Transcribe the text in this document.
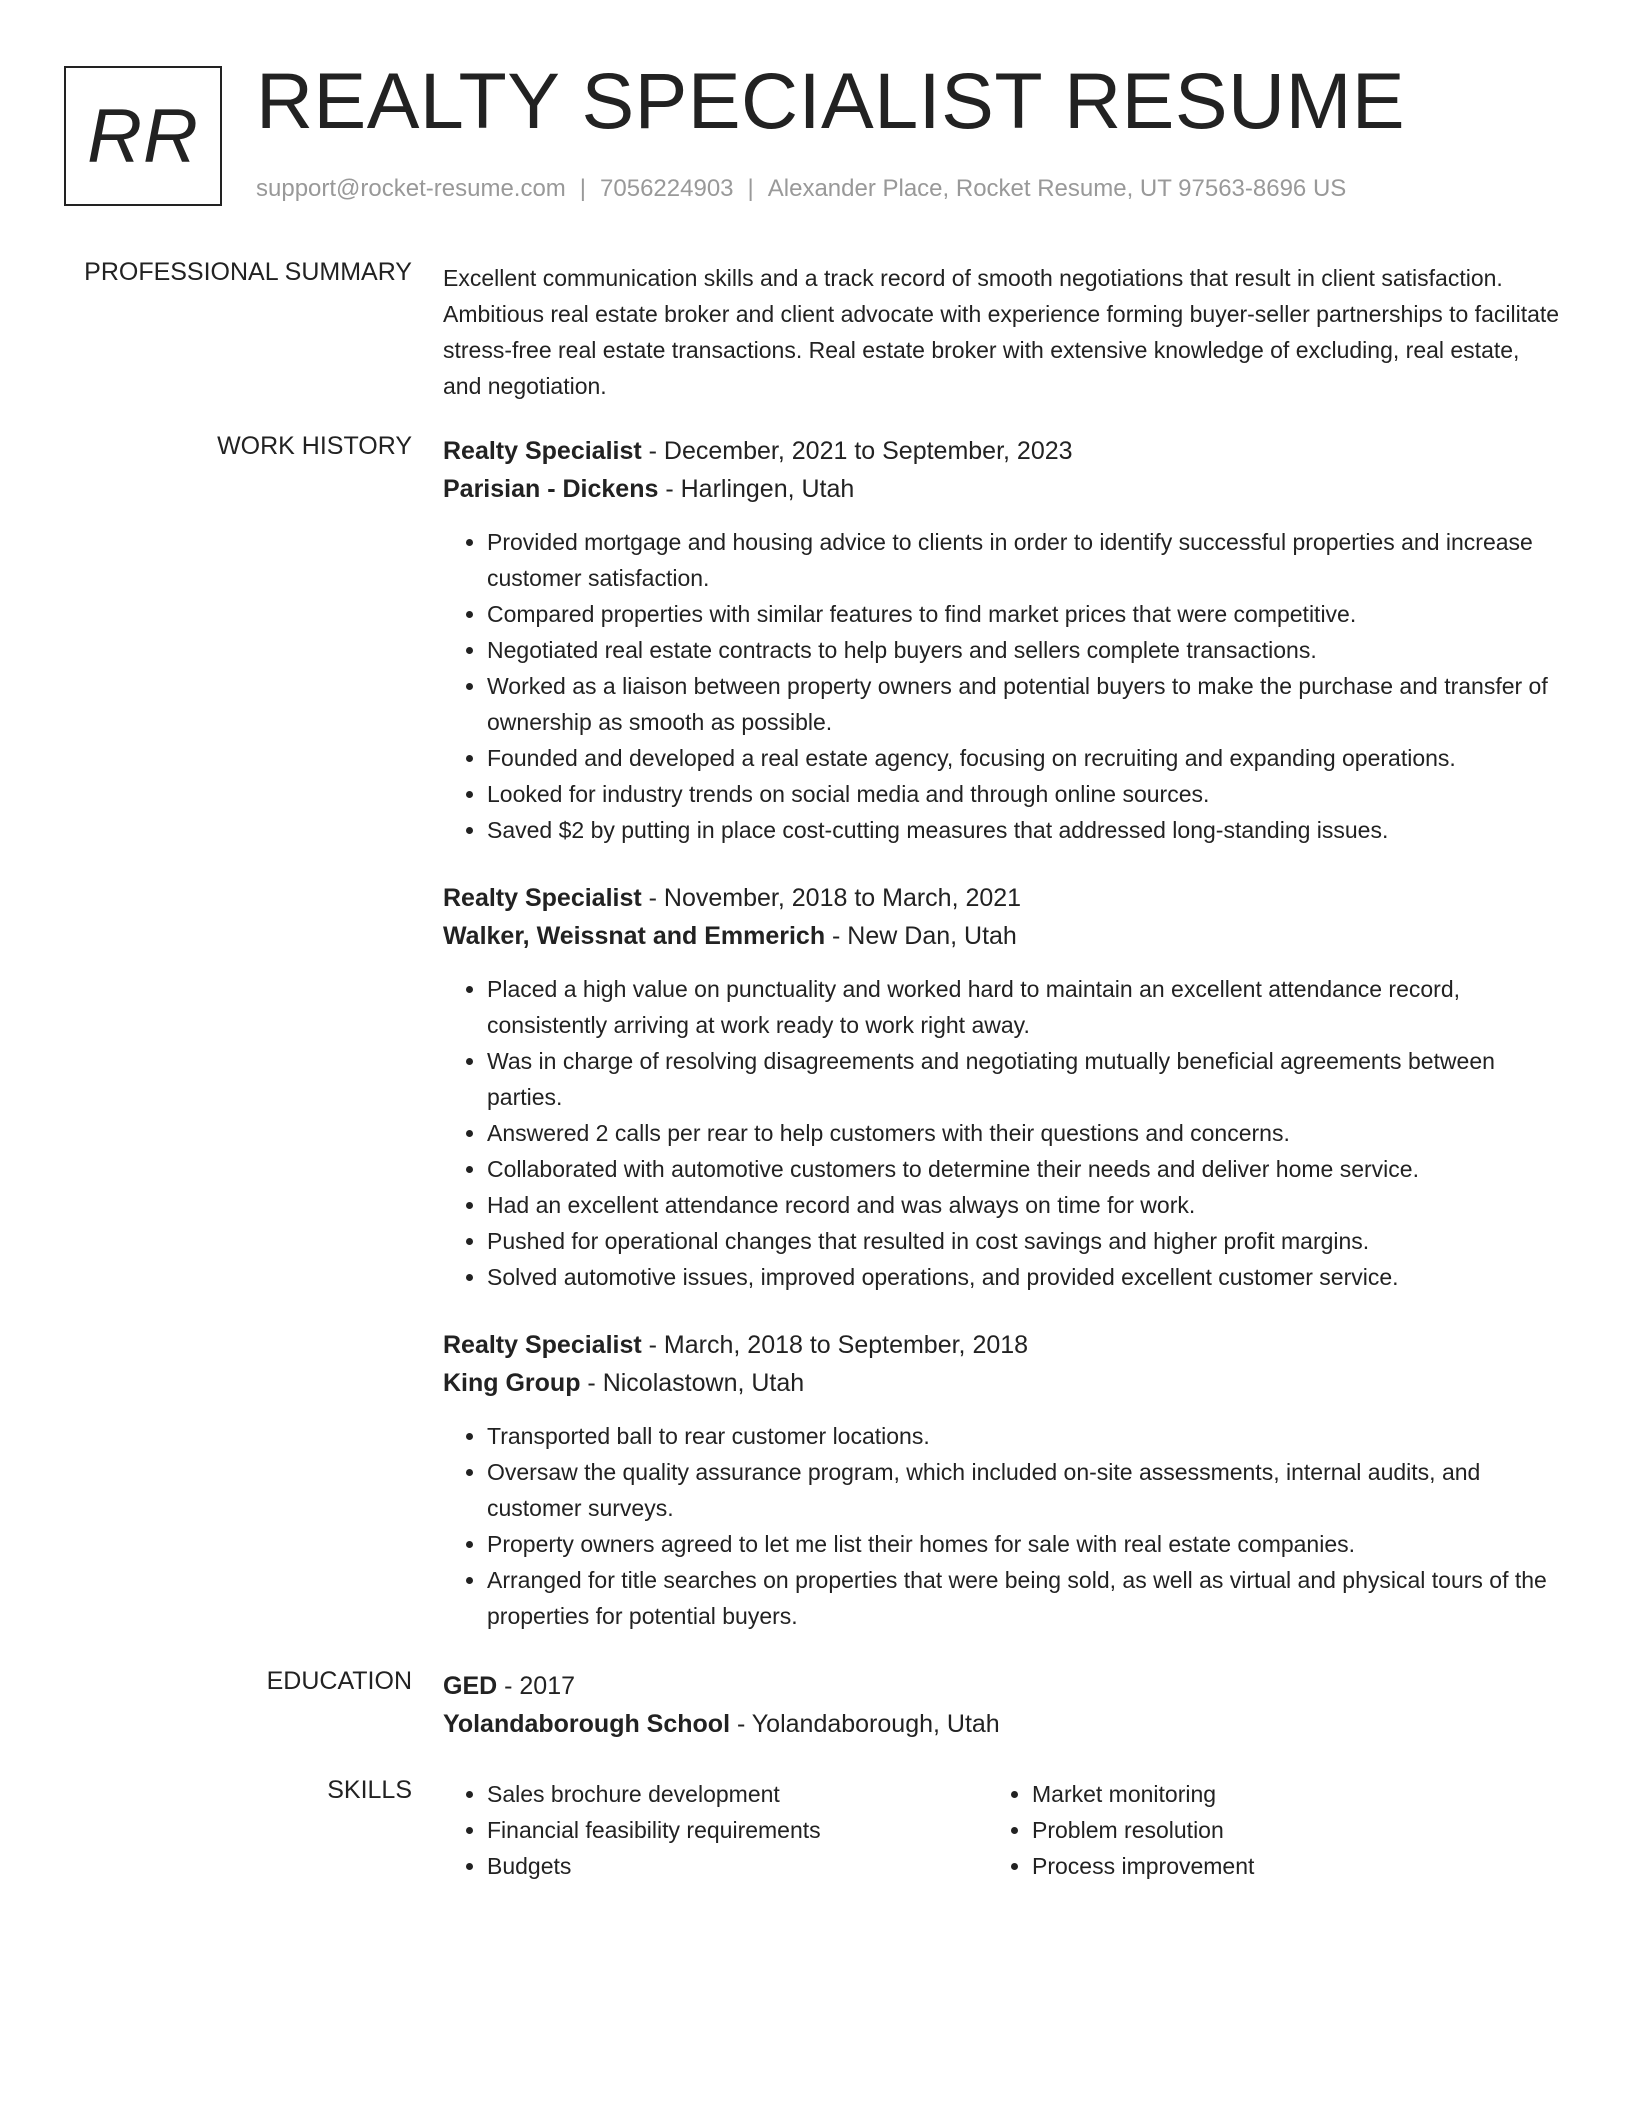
RR REALTY SPECIALIST RESUME
support@rocket-resume.com | 7056224903 | Alexander Place, Rocket Resume, UT 97563-8696 US
PROFESSIONAL SUMMARY Excellent communication skills and a track record of smooth negotiations that result in client satisfaction. Ambitious real estate broker and client advocate with experience forming buyer-seller partnerships to facilitate stress-free real estate transactions. Real estate broker with extensive knowledge of excluding, real estate, and negotiation.

WORK HISTORY Realty Specialist - December, 2021 to September, 2023
Parisian - Dickens - Harlingen, Utah
• Provided mortgage and housing advice to clients in order to identify successful properties and increase customer satisfaction.
• Compared properties with similar features to find market prices that were competitive.
• Negotiated real estate contracts to help buyers and sellers complete transactions.
• Worked as a liaison between property owners and potential buyers to make the purchase and transfer of ownership as smooth as possible.
• Founded and developed a real estate agency, focusing on recruiting and expanding operations.
• Looked for industry trends on social media and through online sources.
• Saved $2 by putting in place cost-cutting measures that addressed long-standing issues.
Realty Specialist - November, 2018 to March, 2021
Walker, Weissnat and Emmerich - New Dan, Utah
• Placed a high value on punctuality and worked hard to maintain an excellent attendance record, consistently arriving at work ready to work right away.
• Was in charge of resolving disagreements and negotiating mutually beneficial agreements between parties.
• Answered 2 calls per rear to help customers with their questions and concerns.
• Collaborated with automotive customers to determine their needs and deliver home service.
• Had an excellent attendance record and was always on time for work.
• Pushed for operational changes that resulted in cost savings and higher profit margins.
• Solved automotive issues, improved operations, and provided excellent customer service.
Realty Specialist - March, 2018 to September, 2018
King Group - Nicolastown, Utah
• Transported ball to rear customer locations.
• Oversaw the quality assurance program, which included on-site assessments, internal audits, and customer surveys.
• Property owners agreed to let me list their homes for sale with real estate companies.
• Arranged for title searches on properties that were being sold, as well as virtual and physical tours of the properties for potential buyers.
EDUCATION GED - 2017
Yolandaborough School - Yolandaborough, Utah
SKILLS
•	Sales brochure development
• Financial feasibility requirements
• Budgets
• Market monitoring
• Problem resolution
• Process improvement
